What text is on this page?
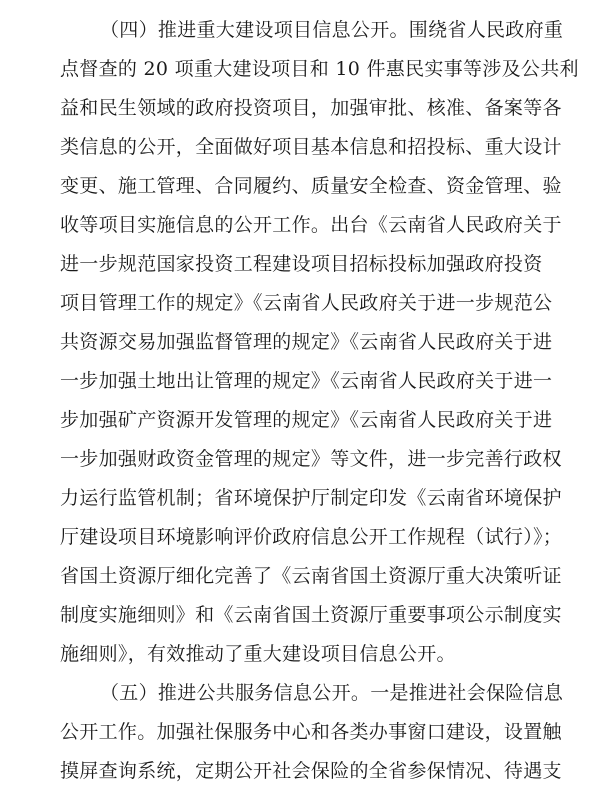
（四）推进重大建设项目信息公开。围绕省人民政府重
点督查的 20 项重大建设项目和 10 件惠民实事等涉及公共利
益和民生领域的政府投资项目，加强审批、核准、备案等各
类信息的公开，全面做好项目基本信息和招投标、重大设计
变更、施工管理、合同履约、质量安全检查、资金管理、验
收等项目实施信息的公开工作。出台《云南省人民政府关于
进一步规范国家投资工程建设项目招标投标加强政府投资
项目管理工作的规定》《云南省人民政府关于进一步规范公
共资源交易加强监督管理的规定》《云南省人民政府关于进
一步加强土地出让管理的规定》《云南省人民政府关于进一
步加强矿产资源开发管理的规定》《云南省人民政府关于进
一步加强财政资金管理的规定》等文件，进一步完善行政权
力运行监管机制；省环境保护厅制定印发《云南省环境保护
厅建设项目环境影响评价政府信息公开工作规程（试行）》；
省国土资源厅细化完善了《云南省国土资源厅重大决策听证
制度实施细则》和《云南省国土资源厅重要事项公示制度实
施细则》，有效推动了重大建设项目信息公开。
（五）推进公共服务信息公开。一是推进社会保险信息
公开工作。加强社保服务中心和各类办事窗口建设，设置触
摸屏查询系统，定期公开社会保险的全省参保情况、待遇支
